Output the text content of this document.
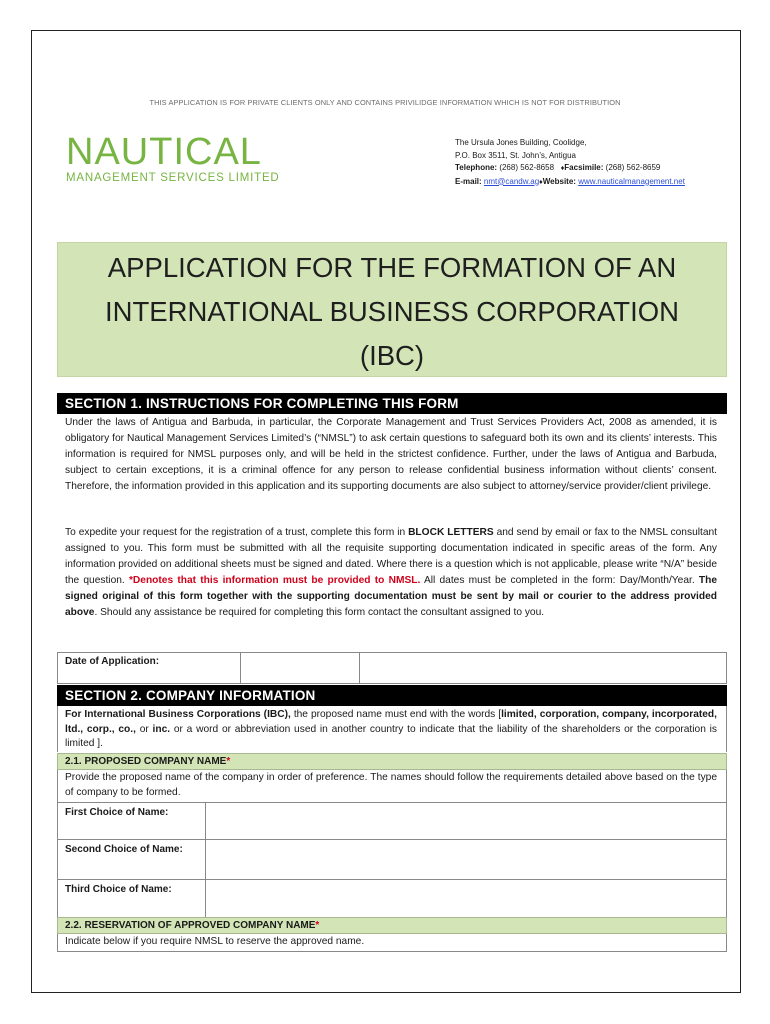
THIS APPLICATION IS FOR PRIVATE CLIENTS ONLY AND CONTAINS PRIVILIDGE INFORMATION WHICH IS NOT FOR DISTRIBUTION
NAUTICAL
MANAGEMENT SERVICES LIMITED
The Ursula Jones Building, Coolidge,
P.O. Box 3511, St. John’s, Antigua
Telephone: (268) 562-8658 ♦Facsimile: (268) 562-8659
E-mail: nmt@candw.ag♦Website: www.nauticalmanagement.net
APPLICATION FOR THE FORMATION OF AN
INTERNATIONAL BUSINESS CORPORATION
(IBC)
SECTION 1. INSTRUCTIONS FOR COMPLETING THIS FORM
Under the laws of Antigua and Barbuda, in particular, the Corporate Management and Trust Services Providers Act, 2008 as amended, it is obligatory for Nautical Management Services Limited’s (“NMSL”) to ask certain questions to safeguard both its own and its clients’ interests. This information is required for NMSL purposes only, and will be held in the strictest confidence. Further, under the laws of Antigua and Barbuda, subject to certain exceptions, it is a criminal offence for any person to release confidential business information without clients’ consent. Therefore, the information provided in this application and its supporting documents are also subject to attorney/service provider/client privilege.
To expedite your request for the registration of a trust, complete this form in BLOCK LETTERS and send by email or fax to the NMSL consultant assigned to you. This form must be submitted with all the requisite supporting documentation indicated in specific areas of the form. Any information provided on additional sheets must be signed and dated. Where there is a question which is not applicable, please write “N/A” beside the question. *Denotes that this information must be provided to NMSL. All dates must be completed in the form: Day/Month/Year. The signed original of this form together with the supporting documentation must be sent by mail or courier to the address provided above. Should any assistance be required for completing this form contact the consultant assigned to you.
Date of Application:
SECTION 2. COMPANY INFORMATION
For International Business Corporations (IBC), the proposed name must end with the words [limited, corporation, company, incorporated, ltd., corp., co., or inc. or a word or abbreviation used in another country to indicate that the liability of the shareholders or the corporation is limited ].
2.1. PROPOSED COMPANY NAME*
Provide the proposed name of the company in order of preference. The names should follow the requirements detailed above based on the type of company to be formed.
First Choice of Name:
Second Choice of Name:
Third Choice of Name:
2.2. RESERVATION OF APPROVED COMPANY NAME*
Indicate below if you require NMSL to reserve the approved name.
